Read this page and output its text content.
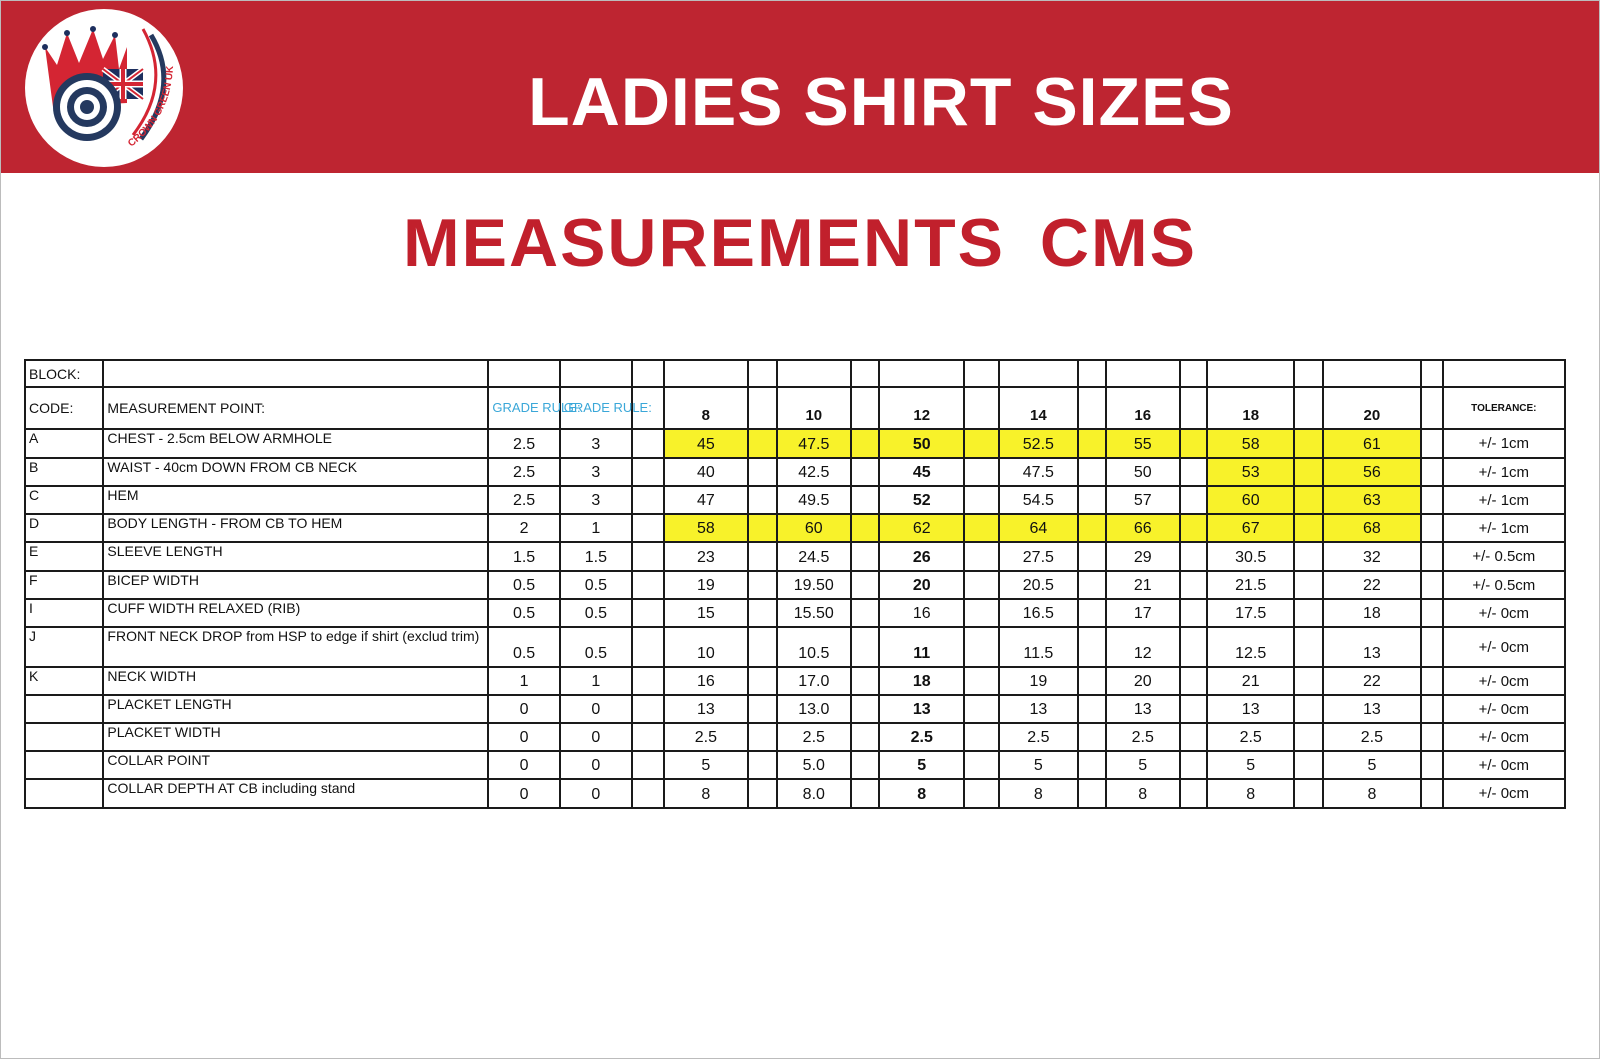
CROWN GREEN UK	LADIES SHIRT SIZES
MEASUREMENTS CMS
BLOCK:																			
CODE:	MEASUREMENT POINT:	GRADE RULE:	GRADE RULE:		8		10		12		14		16		18		20		TOLERANCE:
A	CHEST - 2.5cm BELOW ARMHOLE	2.5	3		45		47.5		50		52.5		55		58		61		+/- 1cm
B	WAIST - 40cm DOWN FROM CB NECK	2.5	3		40		42.5		45		47.5		50		53		56		+/- 1cm
C	HEM	2.5	3		47		49.5		52		54.5		57		60		63		+/- 1cm
D	BODY LENGTH - FROM CB TO HEM	2	1		58		60		62		64		66		67		68		+/- 1cm
E	SLEEVE LENGTH	1.5	1.5		23		24.5		26		27.5		29		30.5		32		+/- 0.5cm
F	BICEP WIDTH	0.5	0.5		19		19.50		20		20.5		21		21.5		22		+/- 0.5cm
I	CUFF WIDTH RELAXED (RIB)	0.5	0.5		15		15.50		16		16.5		17		17.5		18		+/- 0cm
J	FRONT NECK DROP from HSP to edge if shirt (exclud trim)	0.5	0.5		10		10.5		11		11.5		12		12.5		13		+/- 0cm
K	NECK WIDTH	1	1		16		17.0		18		19		20		21		22		+/- 0cm
	PLACKET LENGTH	0	0		13		13.0		13		13		13		13		13		+/- 0cm
	PLACKET WIDTH	0	0		2.5		2.5		2.5		2.5		2.5		2.5		2.5		+/- 0cm
	COLLAR POINT	0	0		5		5.0		5		5		5		5		5		+/- 0cm
	COLLAR DEPTH AT CB including stand	0	0		8		8.0		8		8		8		8		8		+/- 0cm
